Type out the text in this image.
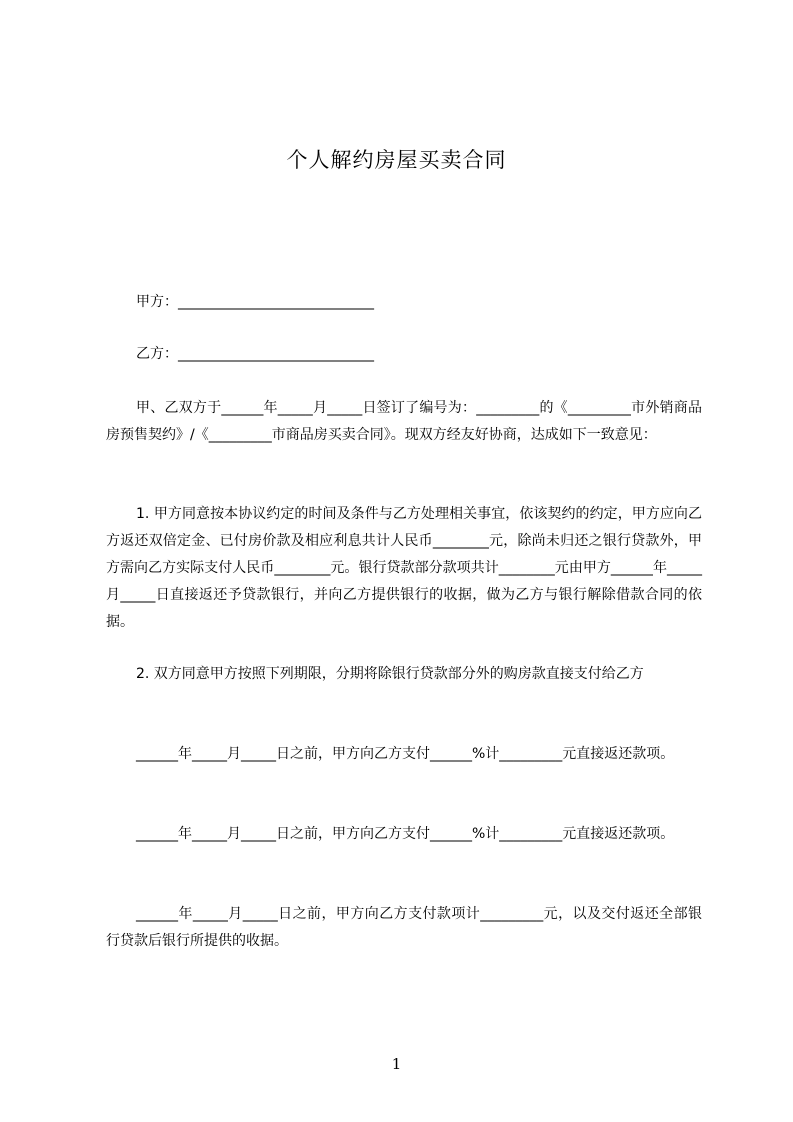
个人解约房屋买卖合同
甲方：____________________________
乙方：____________________________

甲、乙双方于______年_____月_____日签订了编号为：_________的《_________市外销商品房预售契约》/《_________市商品房买卖合同》。现双方经友好协商，达成如下一致意见：

1. 甲方同意按本协议约定的时间及条件与乙方处理相关事宜，依该契约的约定，甲方应向乙方返还双倍定金、已付房价款及相应利息共计人民币________元，除尚未归还之银行贷款外，甲方需向乙方实际支付人民币________元。银行贷款部分款项共计________元由甲方______年_____月_____日直接返还予贷款银行，并向乙方提供银行的收据，做为乙方与银行解除借款合同的依据。

2. 双方同意甲方按照下列期限，分期将除银行贷款部分外的购房款直接支付给乙方

______年_____月_____日之前，甲方向乙方支付______%计_________元直接返还款项。

______年_____月_____日之前，甲方向乙方支付______%计_________元直接返还款项。

______年_____月_____日之前，甲方向乙方支付款项计_________元，以及交付返还全部银行贷款后银行所提供的收据。

1
